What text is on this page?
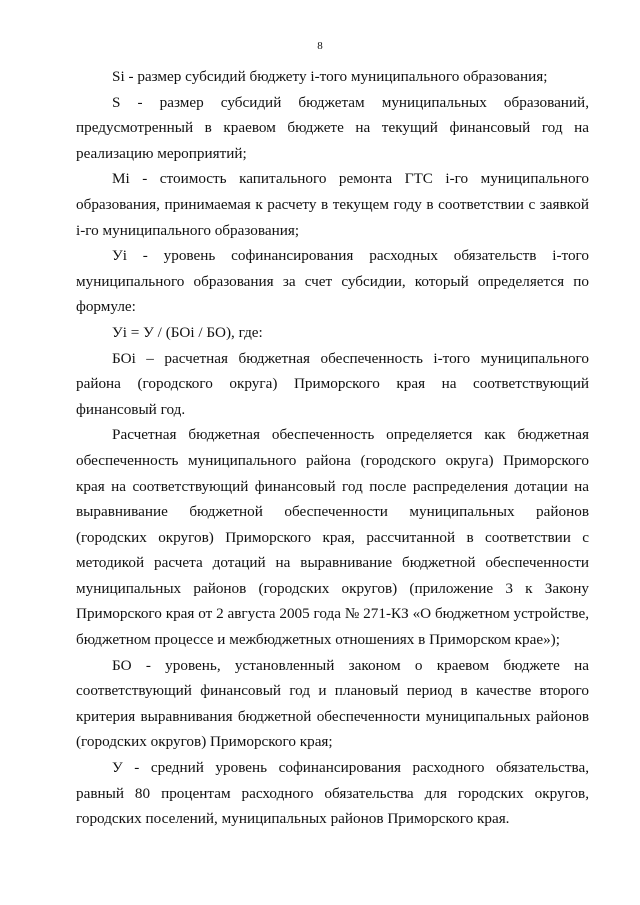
8

Si - размер субсидий бюджету i-того муниципального образования;

S - размер субсидий бюджетам муниципальных образований, предусмотренный в краевом бюджете на текущий финансовый год на реализацию мероприятий;

Mi - стоимость капитального ремонта ГТС i-го муниципального образования, принимаемая к расчету в текущем году в соответствии с заявкой i-го муниципального образования;

Уi - уровень софинансирования расходных обязательств i-того муниципального образования за счет субсидии, который определяется по формуле:

Уi = У / (БОi / БО), где:

БОi – расчетная бюджетная обеспеченность i-того муниципального района (городского округа) Приморского края на соответствующий финансовый год.

Расчетная бюджетная обеспеченность определяется как бюджетная обеспеченность муниципального района (городского округа) Приморского края на соответствующий финансовый год после распределения дотации на выравнивание бюджетной обеспеченности муниципальных районов (городских округов) Приморского края, рассчитанной в соответствии с методикой расчета дотаций на выравнивание бюджетной обеспеченности муниципальных районов (городских округов) (приложение 3 к Закону Приморского края от 2 августа 2005 года № 271-КЗ «О бюджетном устройстве, бюджетном процессе и межбюджетных отношениях в Приморском крае»);

БО - уровень, установленный законом о краевом бюджете на соответствующий финансовый год и плановый период в качестве второго критерия выравнивания бюджетной обеспеченности муниципальных районов (городских округов) Приморского края;

У - средний уровень софинансирования расходного обязательства, равный 80 процентам расходного обязательства для городских округов, городских поселений, муниципальных районов Приморского края.
